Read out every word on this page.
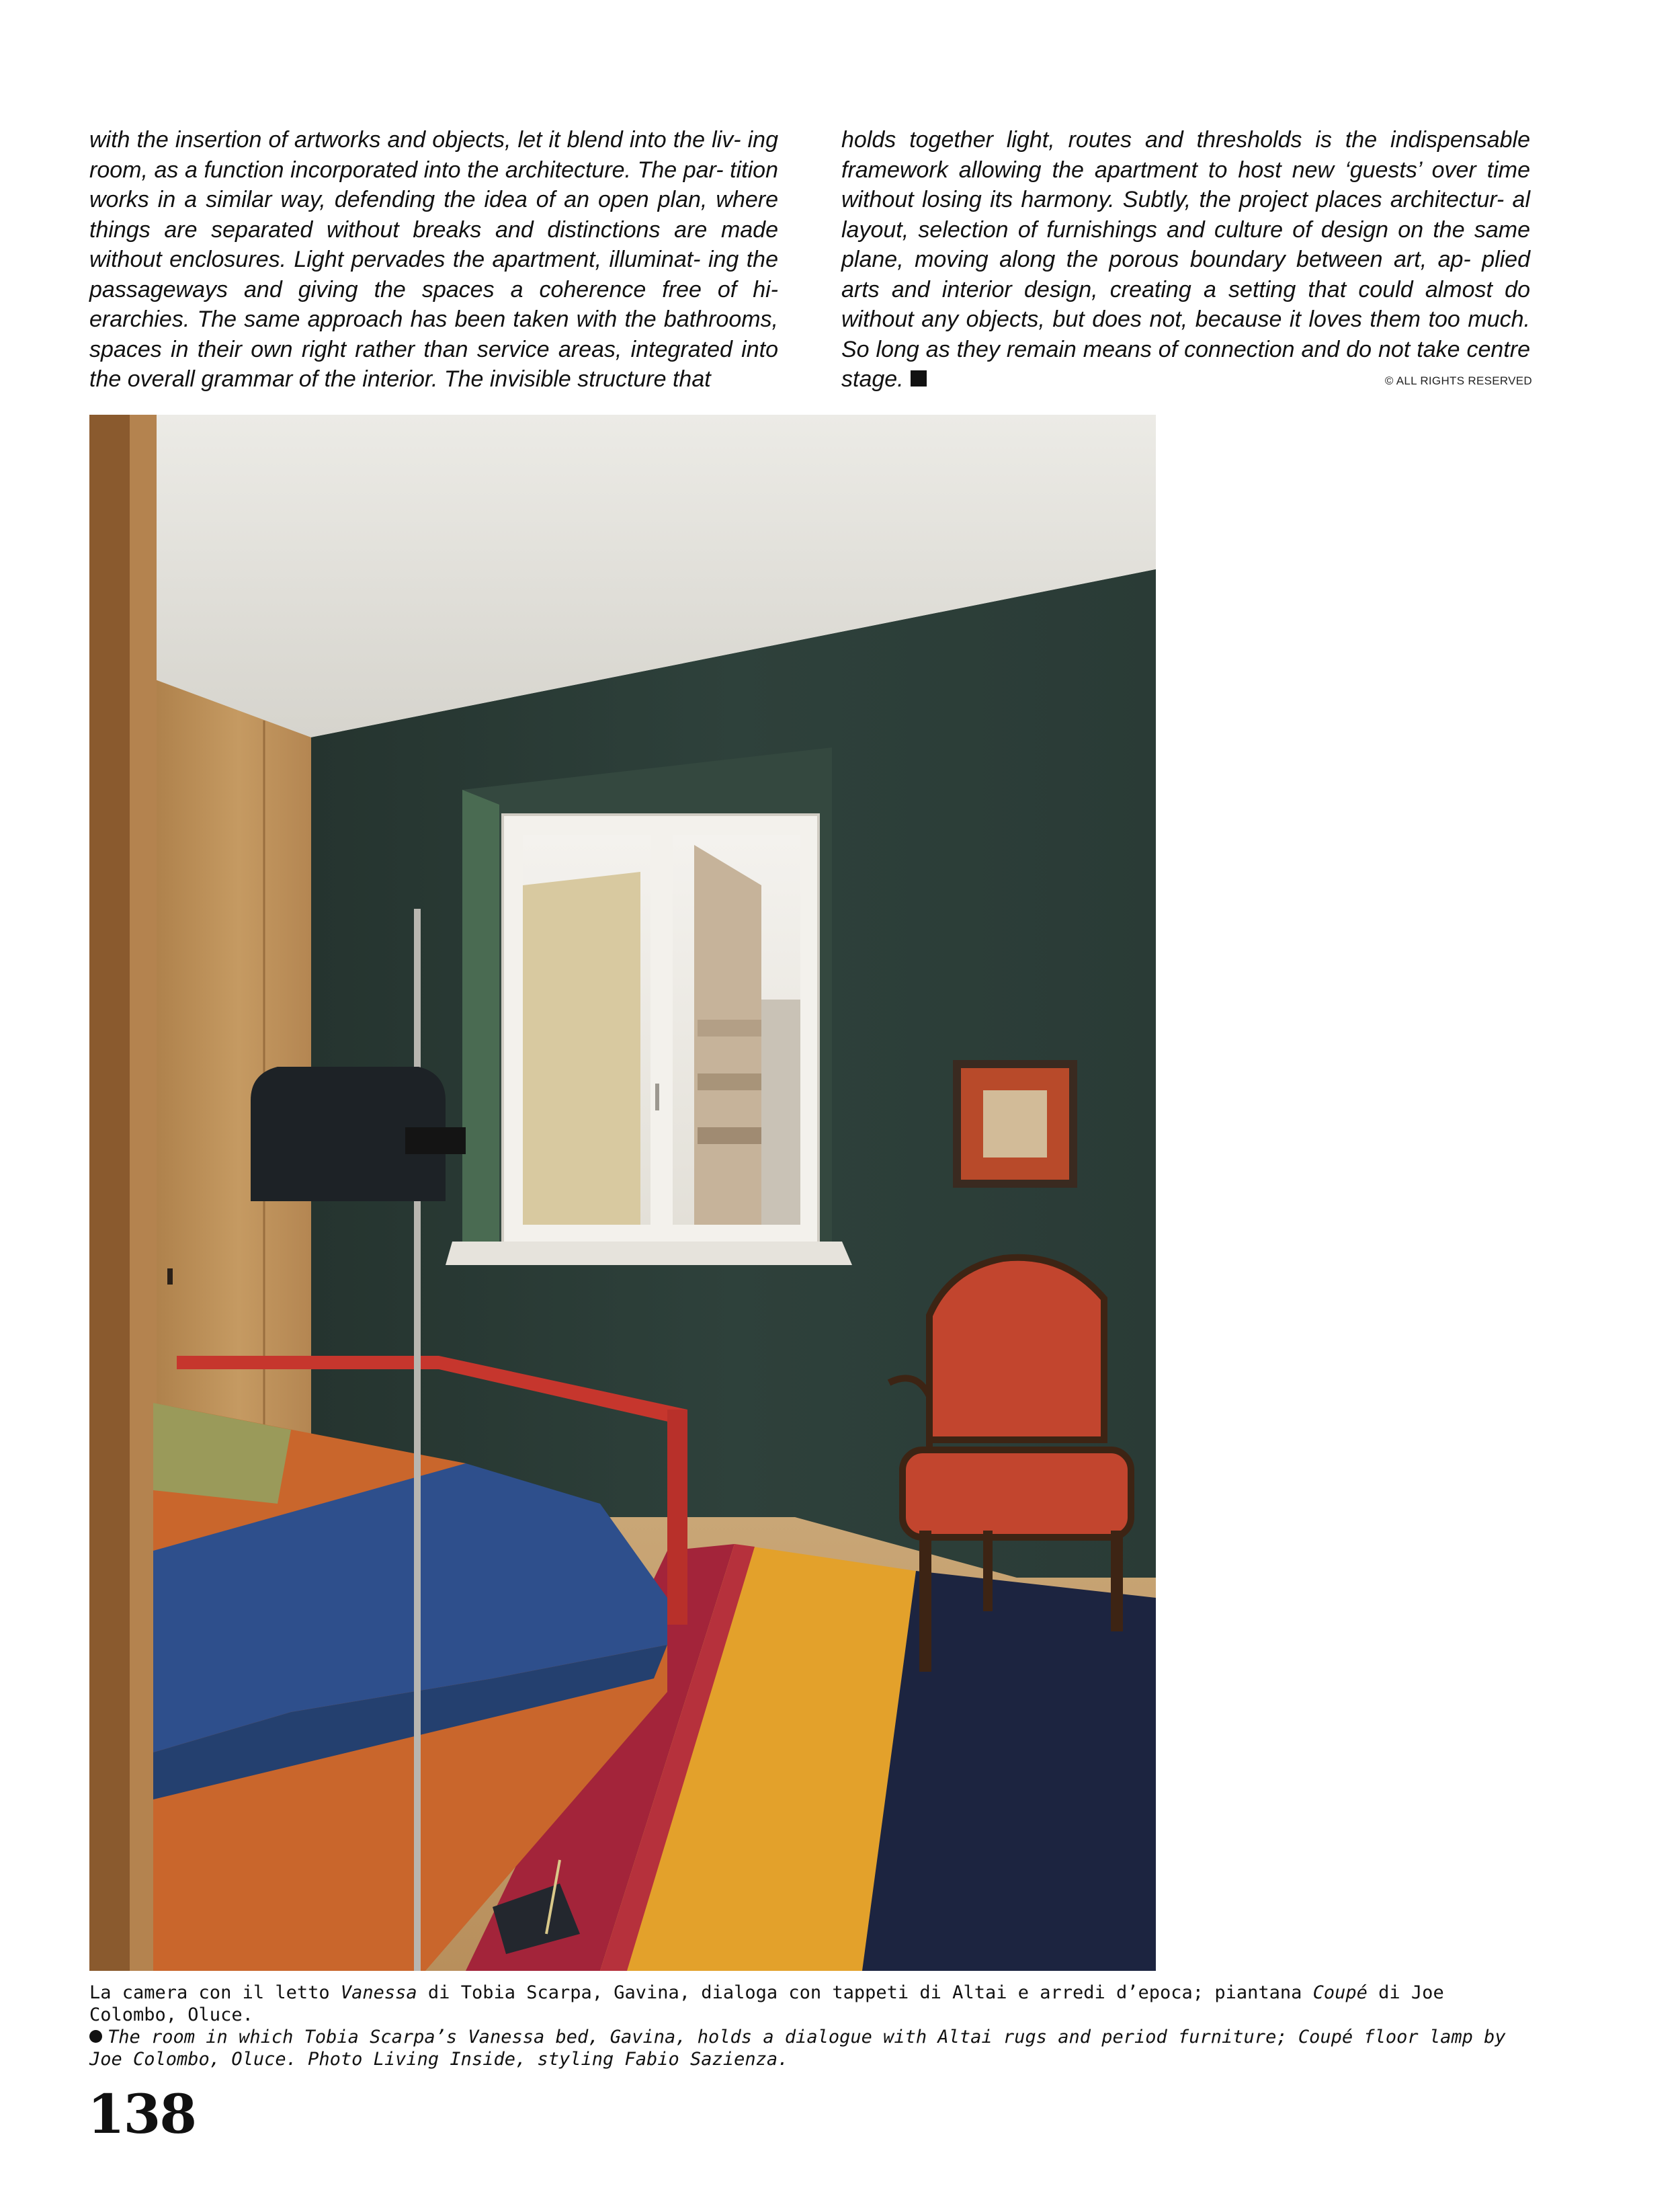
with the insertion of artworks and objects, let it blend into the liv- ing room, as a function incorporated into the architecture. The par- tition works in a similar way, defending the idea of an open plan, where things are separated without breaks and distinctions are made without enclosures. Light pervades the apartment, illuminat- ing the passageways and giving the spaces a coherence free of hi- erarchies. The same approach has been taken with the bathrooms, spaces in their own right rather than service areas, integrated into the overall grammar of the interior. The invisible structure that
holds together light, routes and thresholds is the indispensable framework allowing the apartment to host new ‘guests’ over time without losing its harmony. Subtly, the project places architectur- al layout, selection of furnishings and culture of design on the same plane, moving along the porous boundary between art, ap- plied arts and interior design, creating a setting that could almost do without any objects, but does not, because it loves them too much. So long as they remain means of connection and do not take centre stage.	© ALL RIGHTS RESERVED

La camera con il letto Vanessa di Tobia Scarpa, Gavina, dialoga con tappeti di Altai e arredi d’epoca; piantana Coupé di Joe Colombo, Oluce.

The room in which Tobia Scarpa’s Vanessa bed, Gavina, holds a dialogue with Altai rugs and period furniture; Coupé floor lamp by Joe Colombo, Oluce. Photo Living Inside, styling Fabio Sazienza.

138
